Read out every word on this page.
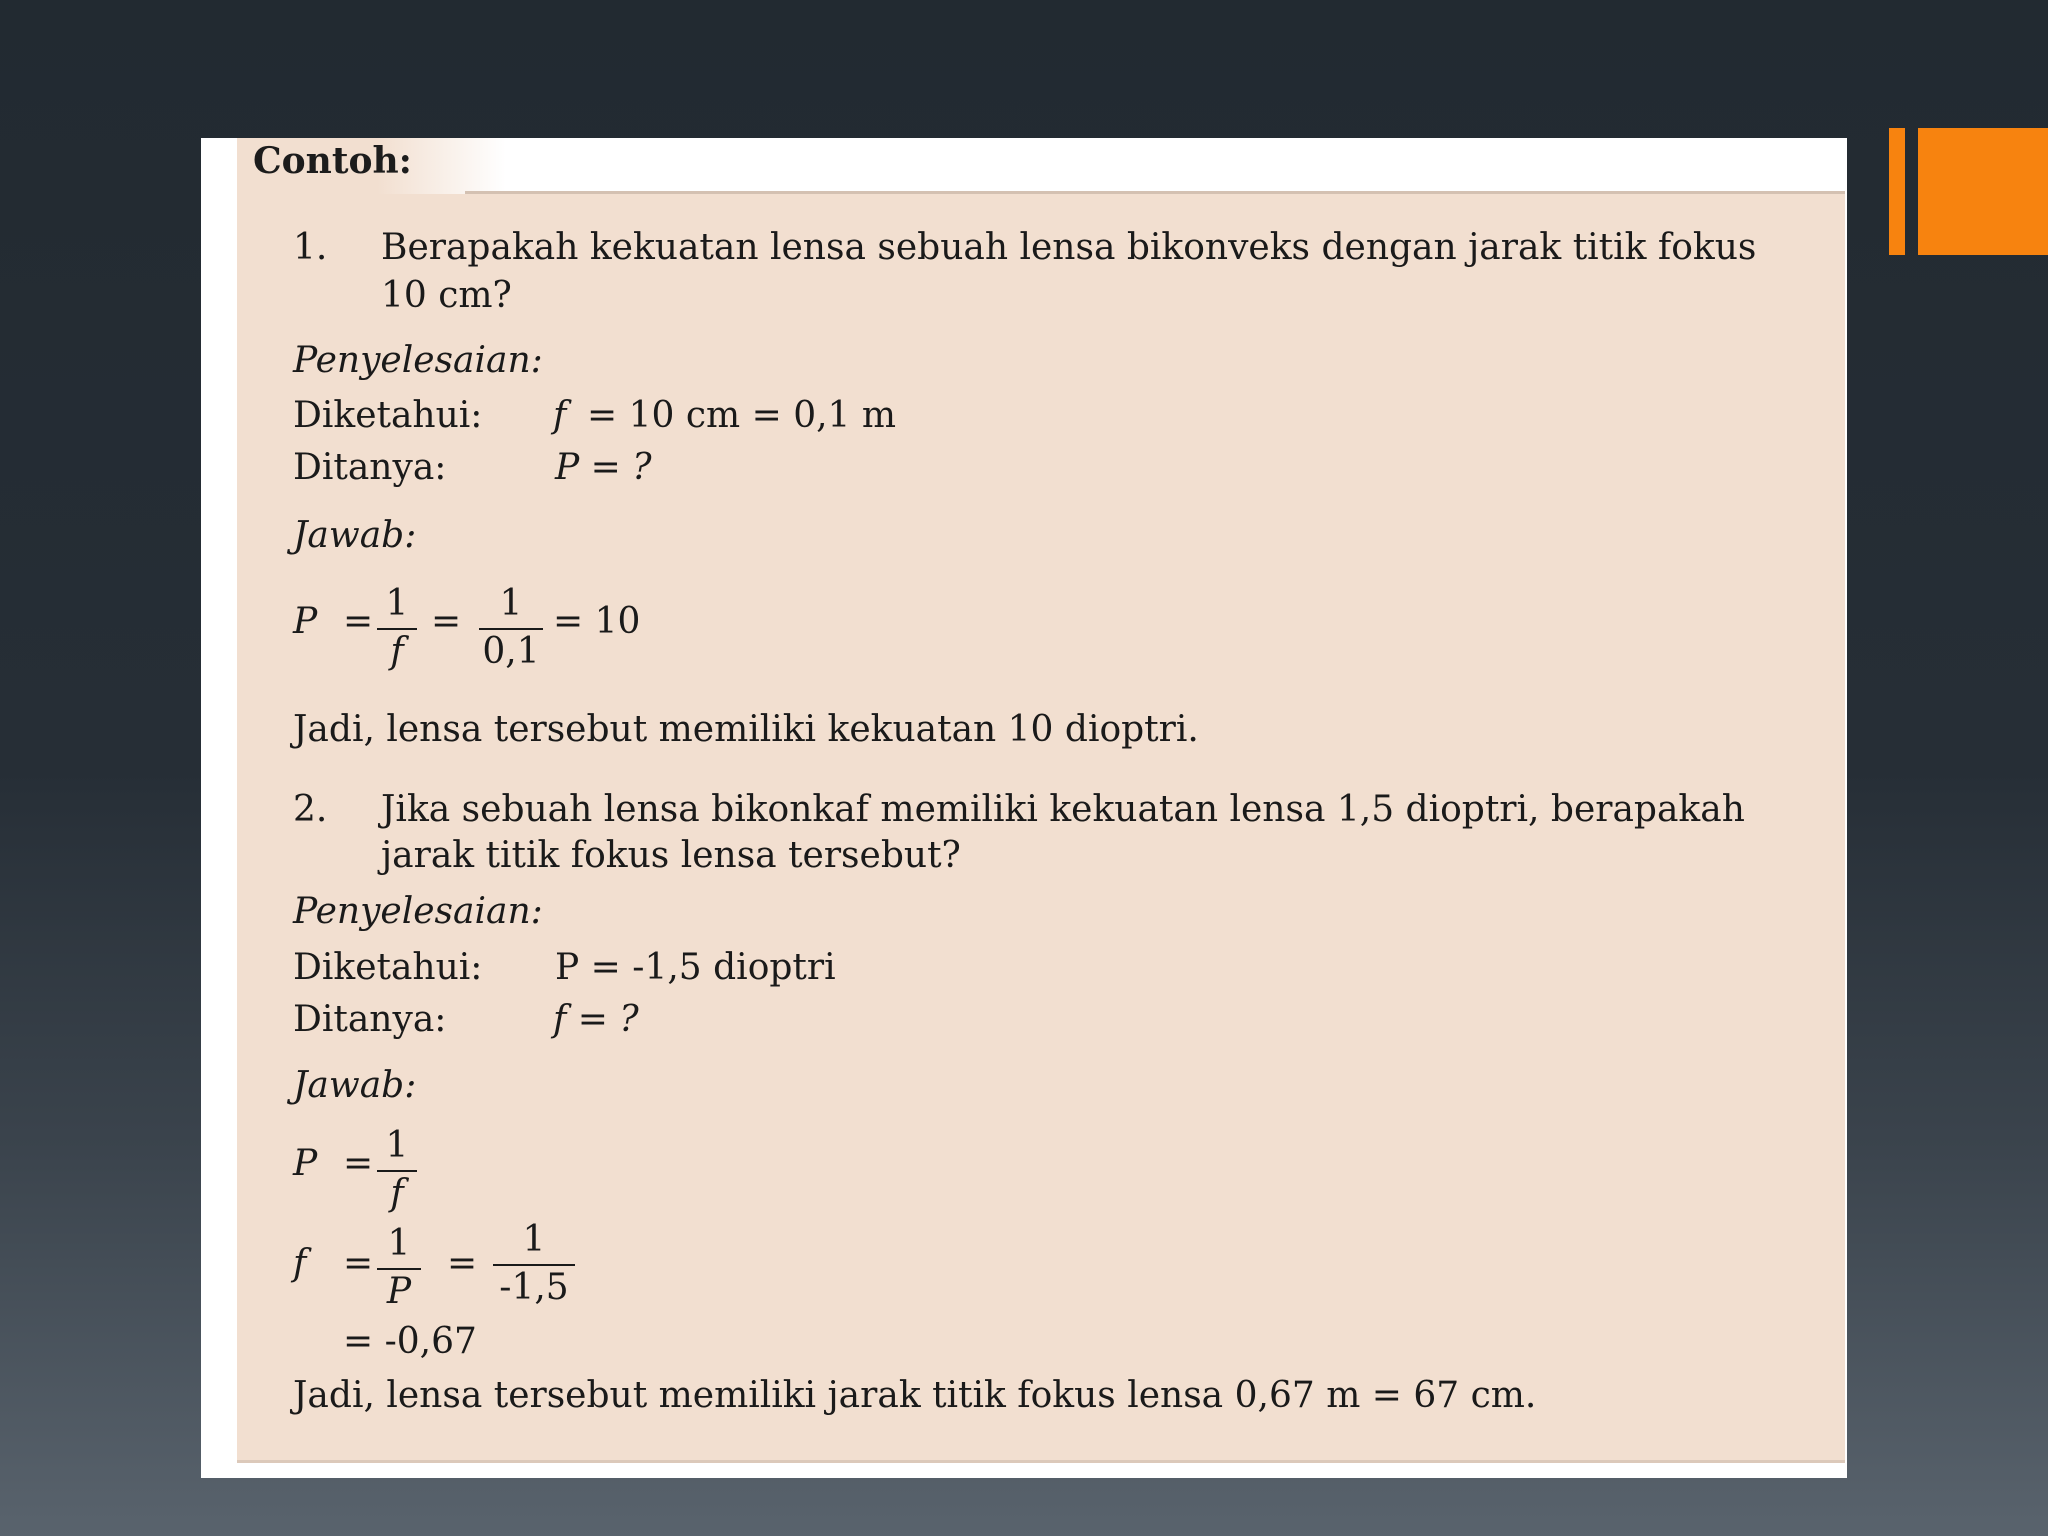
Contoh:
1. Berapakah kekuatan lensa sebuah lensa bikonveks dengan jarak titik fokus
10 cm?
Penyelesaian:
Diketahui: f = 10 cm = 0,1 m
Ditanya:	P = ?
Jawab:
P = 1
f
=	1
0,1
= 10
Jadi, lensa tersebut memiliki kekuatan 10 dioptri.
2. Jika sebuah lensa bikonkaf memiliki kekuatan lensa 1,5 dioptri, berapakah
jarak titik fokus lensa tersebut?
Penyelesaian:
Diketahui: P = -1,5 dioptri
Ditanya:	f = ?
Jawab:
P = 1
f
f = 1
P
=
1
-1,5
= -0,67
Jadi, lensa tersebut memiliki jarak titik fokus lensa 0,67 m = 67 cm.
